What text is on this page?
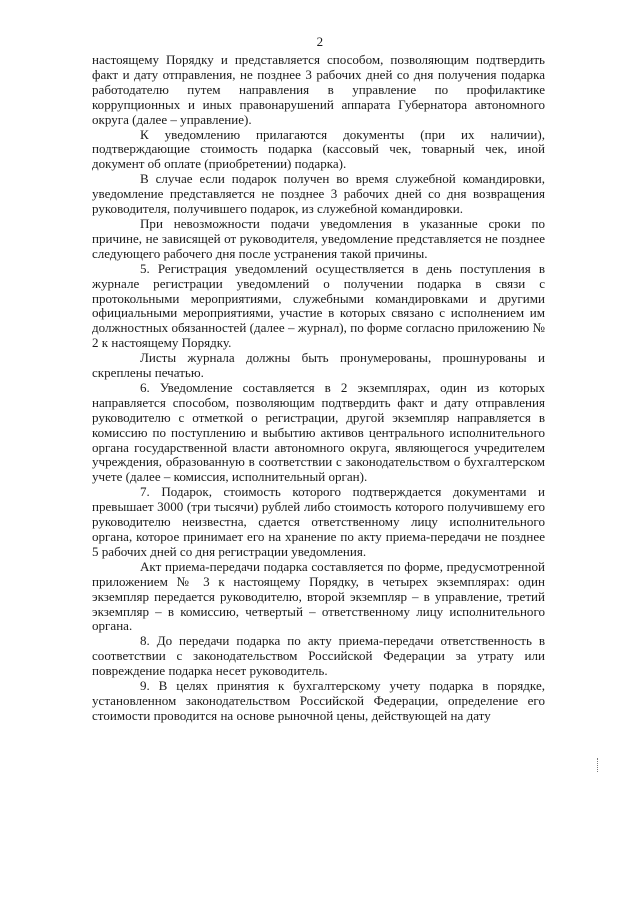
2

настоящему Порядку и представляется способом, позволяющим подтвердить факт и дату отправления, не позднее 3 рабочих дней со дня получения подарка работодателю путем направления в управление по профилактике коррупционных и иных правонарушений аппарата Губернатора автономного округа (далее – управление).

К уведомлению прилагаются документы (при их наличии), подтверждающие стоимость подарка (кассовый чек, товарный чек, иной документ об оплате (приобретении) подарка).

В случае если подарок получен во время служебной командировки, уведомление представляется не позднее 3 рабочих дней со дня возвращения руководителя, получившего подарок, из служебной командировки.

При невозможности подачи уведомления в указанные сроки по причине, не зависящей от руководителя, уведомление представляется не позднее следующего рабочего дня после устранения такой причины.

5. Регистрация уведомлений осуществляется в день поступления в журнале регистрации уведомлений о получении подарка в связи с протокольными мероприятиями, служебными командировками и другими официальными мероприятиями, участие в которых связано с исполнением им должностных обязанностей (далее – журнал), по форме согласно приложению № 2 к настоящему Порядку.

Листы журнала должны быть пронумерованы, прошнурованы и скреплены печатью.

6. Уведомление составляется в 2 экземплярах, один из которых направляется способом, позволяющим подтвердить факт и дату отправления руководителю с отметкой о регистрации, другой экземпляр направляется в комиссию по поступлению и выбытию активов центрального исполнительного органа государственной власти автономного округа, являющегося учредителем учреждения, образованную в соответствии с законодательством о бухгалтерском учете (далее – комиссия, исполнительный орган).

7. Подарок, стоимость которого подтверждается документами и превышает 3000 (три тысячи) рублей либо стоимость которого получившему его руководителю неизвестна, сдается ответственному лицу исполнительного органа, которое принимает его на хранение по акту приема-передачи не позднее 5 рабочих дней со дня регистрации уведомления.

Акт приема-передачи подарка составляется по форме, предусмотренной приложением № 3 к настоящему Порядку, в четырех экземплярах: один экземпляр передается руководителю, второй экземпляр – в управление, третий экземпляр – в комиссию, четвертый – ответственному лицу исполнительного органа.

8. До передачи подарка по акту приема-передачи ответственность в соответствии с законодательством Российской Федерации за утрату или повреждение подарка несет руководитель.

9. В целях принятия к бухгалтерскому учету подарка в порядке, установленном законодательством Российской Федерации, определение его стоимости проводится на основе рыночной цены, действующей на дату
